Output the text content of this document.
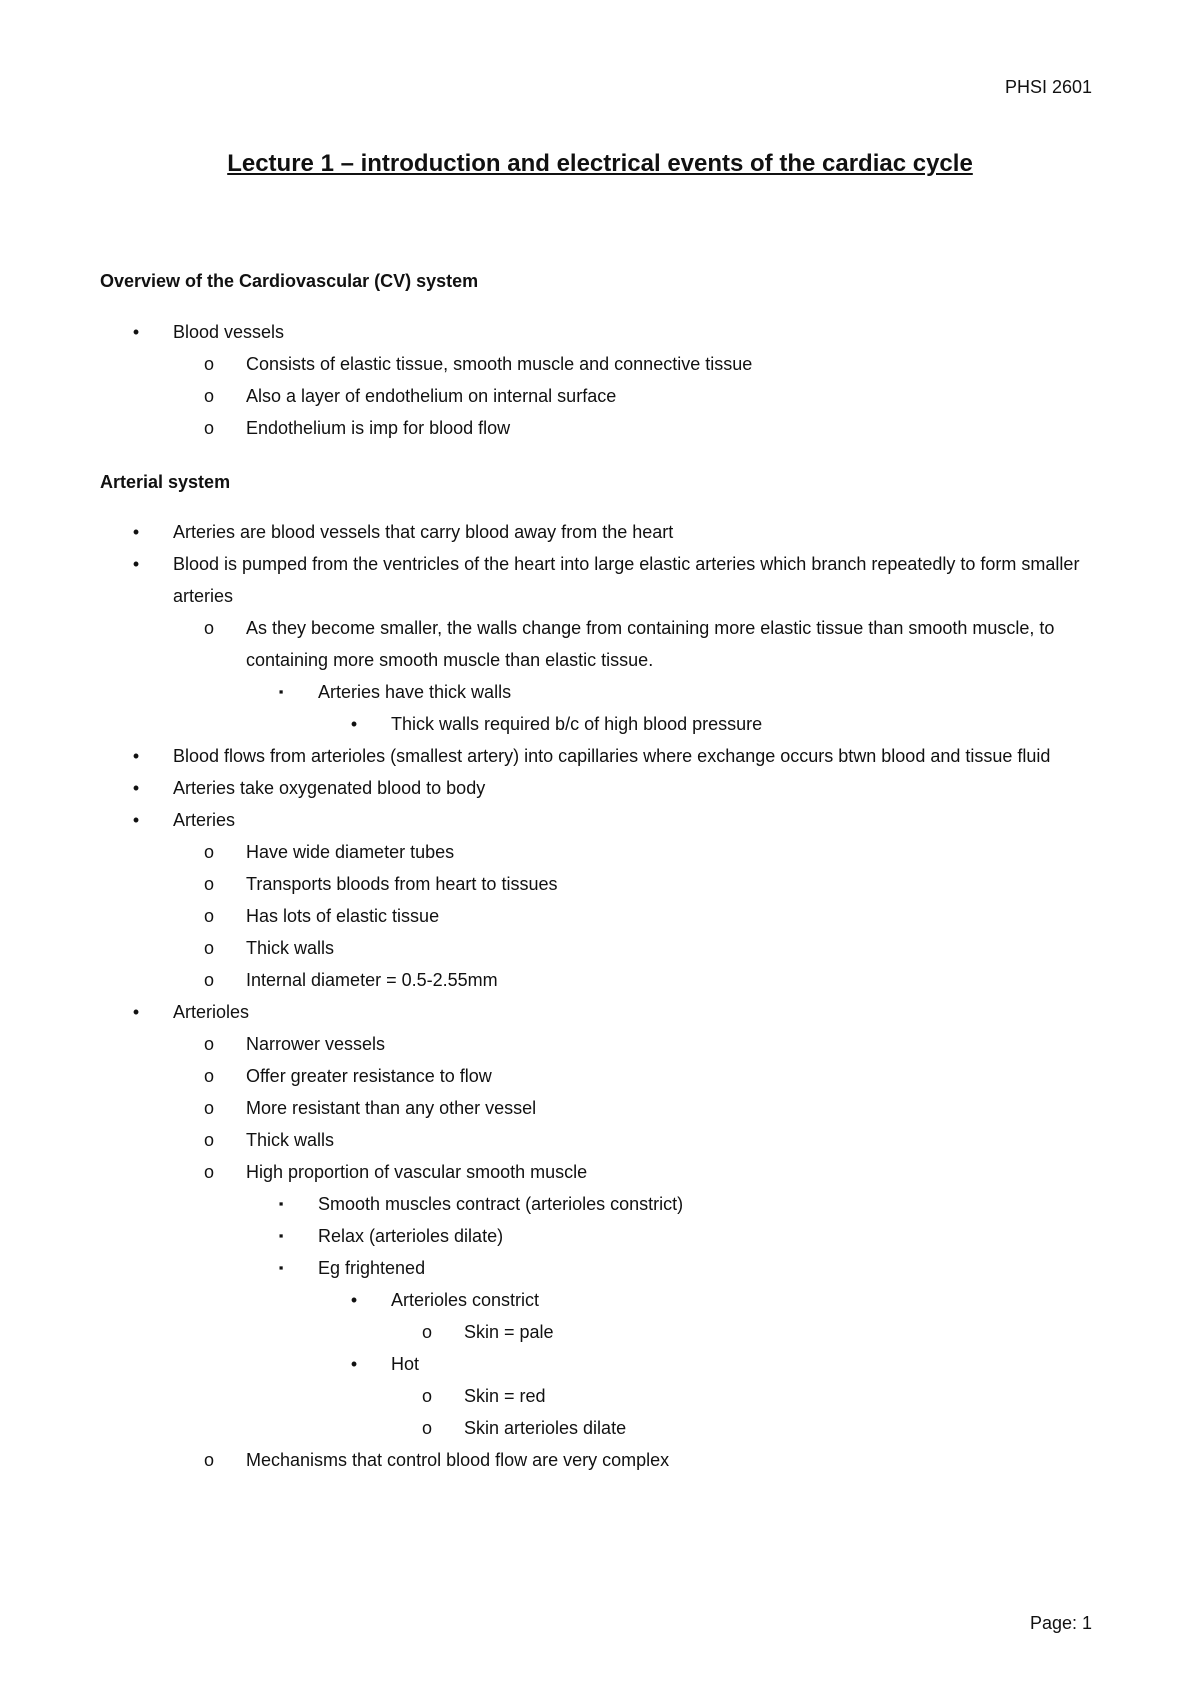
PHSI 2601
Lecture 1 – introduction and electrical events of the cardiac cycle
Overview of the Cardiovascular (CV) system
•	Blood vessels
o Consists of elastic tissue, smooth muscle and connective tissue
o Also a layer of endothelium on internal surface
o Endothelium is imp for blood flow
Arterial system
•	Arteries are blood vessels that carry blood away from the heart
•	Blood is pumped from the ventricles of the heart into large elastic arteries which branch repeatedly to form smaller arteries
o As they become smaller, the walls change from containing more elastic tissue than smooth muscle, to containing more smooth muscle than elastic tissue.
▪	Arteries have thick walls
•	Thick walls required b/c of high blood pressure
•	Blood flows from arterioles (smallest artery) into capillaries where exchange occurs btwn blood and tissue fluid
•	Arteries take oxygenated blood to body
•	Arteries
o Have wide diameter tubes
o Transports bloods from heart to tissues
o Has lots of elastic tissue
o Thick walls
o Internal diameter = 0.5-2.55mm
•	Arterioles
o Narrower vessels
o Offer greater resistance to flow
o More resistant than any other vessel
o Thick walls
o High proportion of vascular smooth muscle
▪	Smooth muscles contract (arterioles constrict)
▪	Relax (arterioles dilate)
▪	Eg frightened
•	Arterioles constrict
o Skin = pale
•	Hot
o Skin = red
o Skin arterioles dilate
o Mechanisms that control blood flow are very complex
Page: 1
